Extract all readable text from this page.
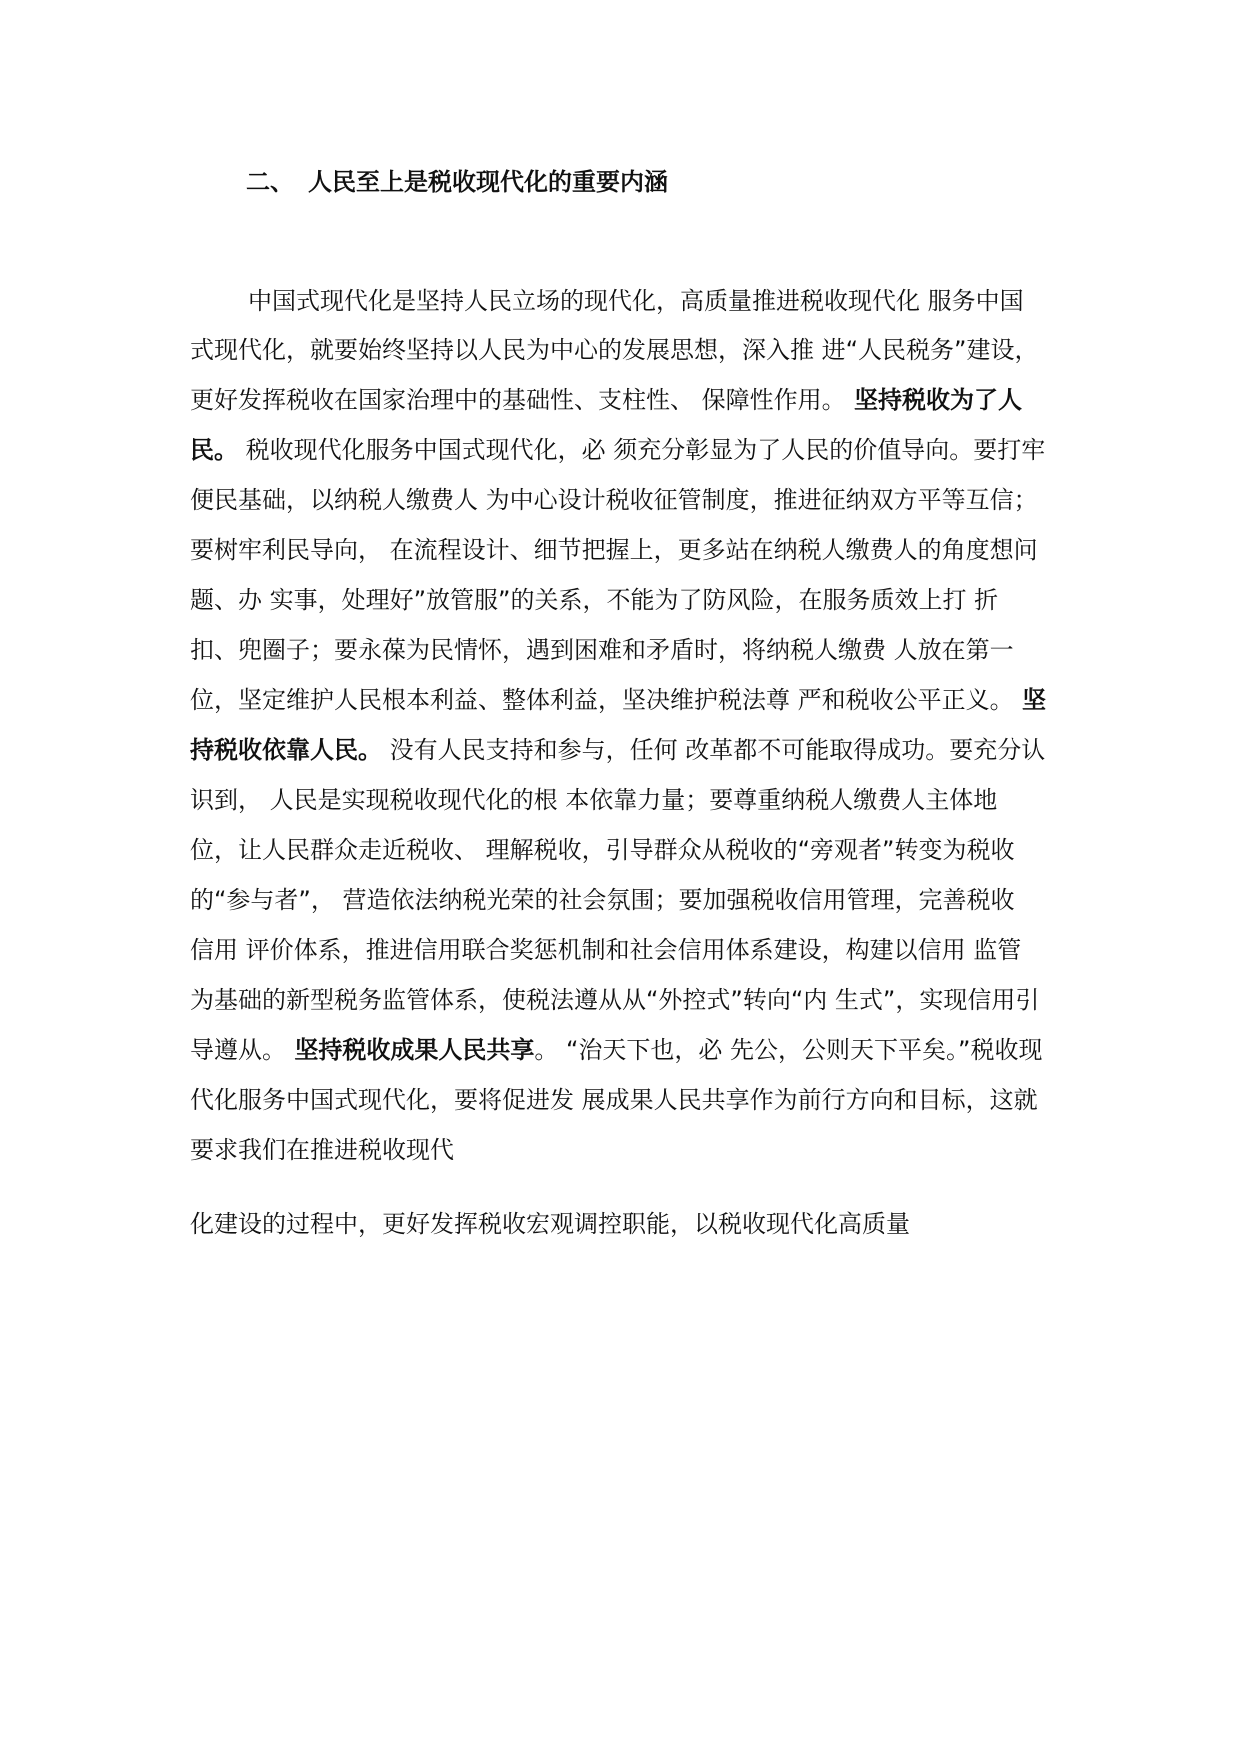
二、 人民至上是税收现代化的重要内涵
中国式现代化是坚持人民立场的现代化，高质量推进税收现代化 服务中国
式现代化，就要始终坚持以人民为中心的发展思想，深入推 进“人民税务”建设，
更好发挥税收在国家治理中的基础性、支柱性、 保障性作用。 坚持税收为了人
民。 税收现代化服务中国式现代化，必 须充分彰显为了人民的价值导向。要打牢
便民基础，以纳税人缴费人 为中心设计税收征管制度，推进征纳双方平等互信；
要树牢利民导向， 在流程设计、细节把握上，更多站在纳税人缴费人的角度想问
题、办 实事，处理好”放管服”的关系，不能为了防风险，在服务质效上打 折
扣、兜圈子；要永葆为民情怀，遇到困难和矛盾时，将纳税人缴费 人放在第一
位，坚定维护人民根本利益、整体利益，坚决维护税法尊 严和税收公平正义。 坚
持税收依靠人民。 没有人民支持和参与，任何 改革都不可能取得成功。要充分认
识到， 人民是实现税收现代化的根 本依靠力量；要尊重纳税人缴费人主体地
位，让人民群众走近税收、 理解税收，引导群众从税收的“旁观者”转变为税收
的“参与者”， 营造依法纳税光荣的社会氛围；要加强税收信用管理，完善税收
信用 评价体系，推进信用联合奖惩机制和社会信用体系建设，构建以信用 监管
为基础的新型税务监管体系，使税法遵从从“外控式”转向“内 生式”，实现信用引
导遵从。 坚持税收成果人民共享。 “治天下也，必 先公，公则天下平矣。”税收现
代化服务中国式现代化，要将促进发 展成果人民共享作为前行方向和目标，这就
要求我们在推进税收现代
化建设的过程中，更好发挥税收宏观调控职能，以税收现代化高质量
